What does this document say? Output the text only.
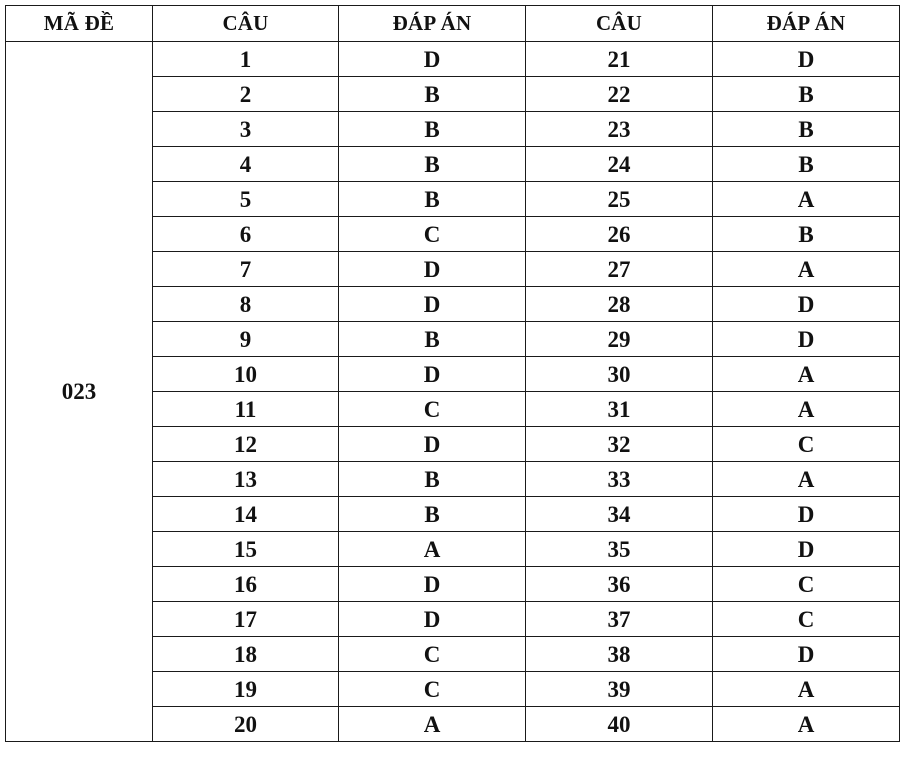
MÃ ĐỀ	CÂU	ĐÁP ÁN	CÂU	ĐÁP ÁN
023	1	D	21	D
	2	B	22	B
	3	B	23	B
	4	B	24	B
	5	B	25	A
	6	C	26	B
	7	D	27	A
	8	D	28	D
	9	B	29	D
	10	D	30	A
	11	C	31	A
	12	D	32	C
	13	B	33	A
	14	B	34	D
	15	A	35	D
	16	D	36	C
	17	D	37	C
	18	C	38	D
	19	C	39	A
	20	A	40	A
